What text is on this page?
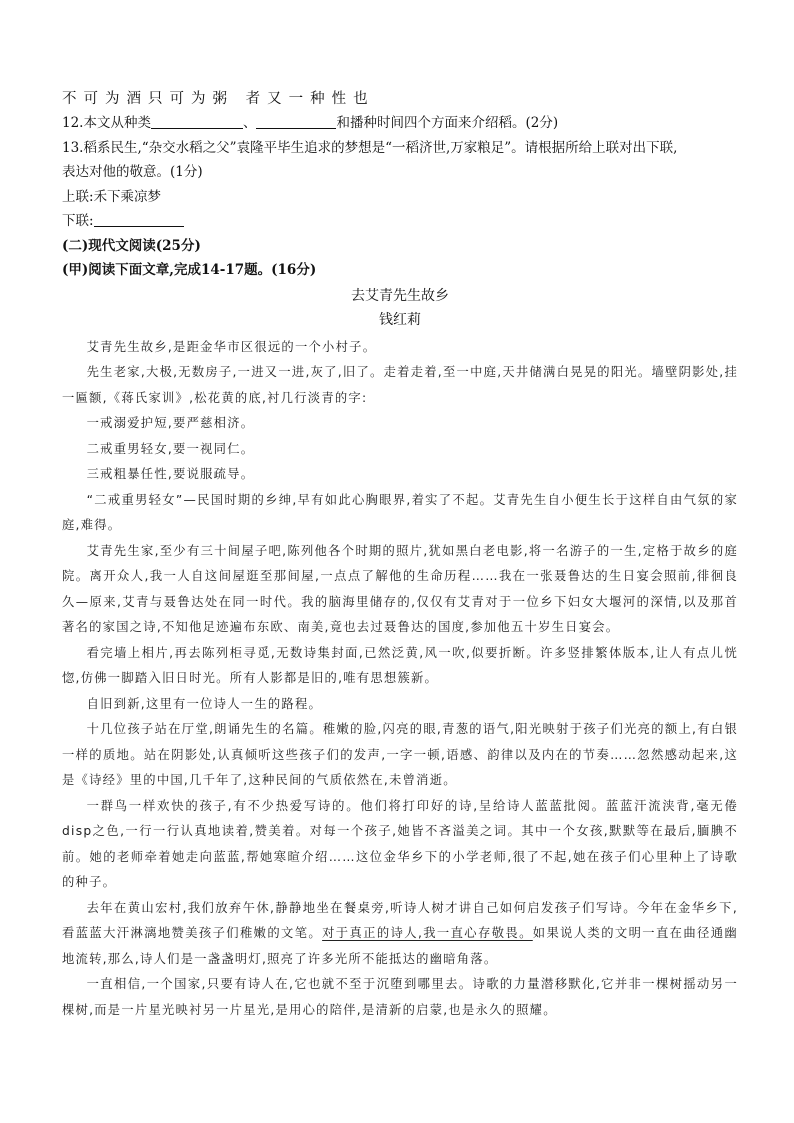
不可为酒只可为粥 者又一种性也
12.本文从种类	、	和播种时间四个方面来介绍稻。(2分)
13.稻系民生,“杂交水稻之父”袁隆平毕生追求的梦想是“一稻济世,万家粮足”。请根据所给上联对出下联,
表达对他的敬意。(1分)
上联:禾下乘凉梦
下联:
(二)现代文阅读(25分)
(甲)阅读下面文章,完成14-17题。(16分)
去艾青先生故乡
钱红莉

艾青先生故乡,是距金华市区很远的一个小村子。

先生老家,大极,无数房子,一进又一进,灰了,旧了。走着走着,至一中庭,天井储满白晃晃的阳光。墙壁阴影处,挂一匾额,《蒋氏家训》,松花黄的底,衬几行淡青的字:

一戒溺爱护短,要严慈相济。

二戒重男轻女,要一视同仁。

三戒粗暴任性,要说服疏导。

“二戒重男轻女”—民国时期的乡绅,早有如此心胸眼界,着实了不起。艾青先生自小便生长于这样自由气氛的家庭,难得。

艾青先生家,至少有三十间屋子吧,陈列他各个时期的照片,犹如黑白老电影,将一名游子的一生,定格于故乡的庭院。离开众人,我一人自这间屋逛至那间屋,一点点了解他的生命历程……我在一张聂鲁达的生日宴会照前,徘徊良久—原来,艾青与聂鲁达处在同一时代。我的脑海里储存的,仅仅有艾青对于一位乡下妇女大堰河的深情,以及那首著名的家国之诗,不知他足迹遍布东欧、南美,竟也去过聂鲁达的国度,参加他五十岁生日宴会。

看完墙上相片,再去陈列柜寻觅,无数诗集封面,已然泛黄,风一吹,似要折断。许多竖排繁体版本,让人有点儿恍惚,仿佛一脚踏入旧日时光。所有人影都是旧的,唯有思想簇新。

自旧到新,这里有一位诗人一生的路程。

十几位孩子站在厅堂,朗诵先生的名篇。稚嫩的脸,闪亮的眼,青葱的语气,阳光映射于孩子们光亮的额上,有白银一样的质地。站在阴影处,认真倾听这些孩子们的发声,一字一顿,语感、韵律以及内在的节奏……忽然感动起来,这是《诗经》里的中国,几千年了,这种民间的气质依然在,未曾消逝。

一群鸟一样欢快的孩子,有不少热爱写诗的。他们将打印好的诗,呈给诗人蓝蓝批阅。蓝蓝汗流浃背,毫无倦disp之色,一行一行认真地读着,赞美着。对每一个孩子,她皆不吝溢美之词。其中一个女孩,默默等在最后,腼腆不前。她的老师牵着她走向蓝蓝,帮她寒暄介绍……这位金华乡下的小学老师,很了不起,她在孩子们心里种上了诗歌的种子。

去年在黄山宏村,我们放弃午休,静静地坐在餐桌旁,听诗人树才讲自己如何启发孩子们写诗。今年在金华乡下,看蓝蓝大汗淋漓地赞美孩子们稚嫩的文笔。对于真正的诗人,我一直心存敬畏。如果说人类的文明一直在曲径通幽地流转,那么,诗人们是一盏盏明灯,照亮了许多光所不能抵达的幽暗角落。

一直相信,一个国家,只要有诗人在,它也就不至于沉堕到哪里去。诗歌的力量潜移默化,它并非一棵树摇动另一棵树,而是一片星光映衬另一片星光,是用心的陪伴,是清新的启蒙,也是永久的照耀。
